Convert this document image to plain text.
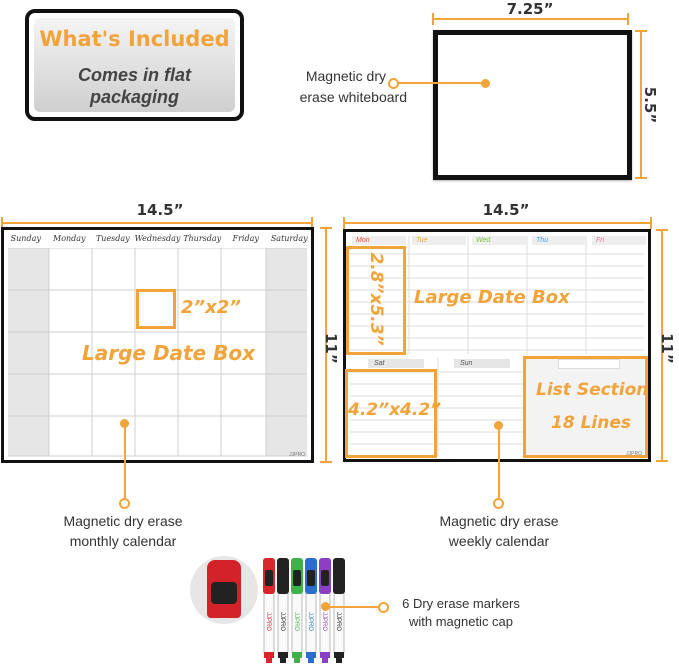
What's Included
Comes in flat
packaging
7.25”
Magnetic dry
erase whiteboard	5.5”
14.5”
Sunday	Monday	Tuesday Wednesday Thursday	Friday	Saturday
JJPRO
2”x2”
Large Date Box	11”
Magnetic dry erase
monthly calendar
14.5”
Mon	Tue	Wed	Thu	Fri
Sat	Sun
JJPRO
2.8”x5.3” Large Date Box
4.2”x4.2”
List Section
18 Lines
11”
Magnetic dry erase
weekly calendar
JJPRO JJPRO JJPRO JJPRO JJPRO JJPRO
6 Dry erase markers
with magnetic cap
